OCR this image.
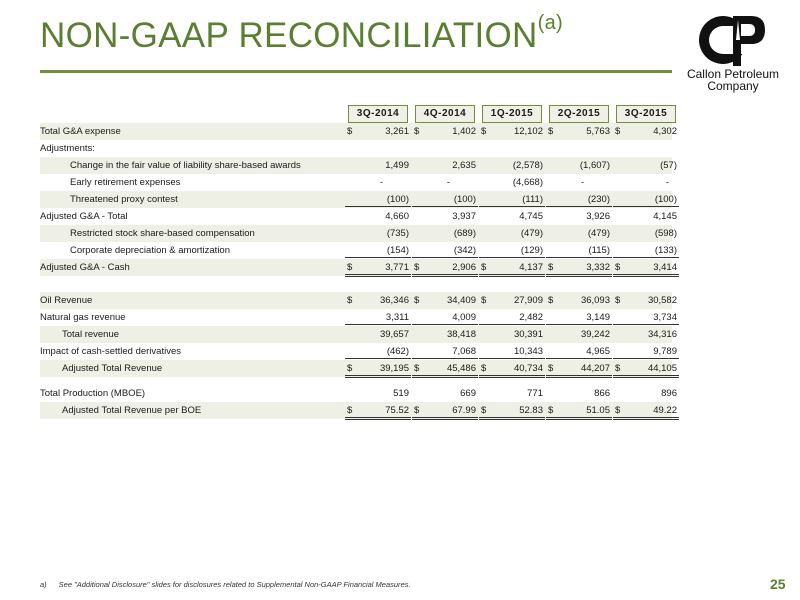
NON-GAAP RECONCILIATION$^{(a)}$
Callon Petroleum
Company
3Q-2014	4Q-2014	1Q-2015	2Q-2015	3Q-2015
Total G&A expense	$	3,261 $	1,402 $	12,102 $	5,763 $	4,302
Adjustments:
Change in the fair value of liability share-based awards	1,499	2,635	(2,578)	(1,607)	(57)
Early retirement expenses	-	-	(4,668)	-	-
Threatened proxy contest	(100)	(100)	(111)	(230)	(100)
Adjusted G&A - Total	4,660	3,937	4,745	3,926	4,145
Restricted stock share-based compensation	(735)	(689)	(479)	(479)	(598)
Corporate depreciation & amortization	(154)	(342)	(129)	(115)	(133)
Adjusted G&A - Cash	$	3,771 $	2,906 $	4,137 $	3,332 $	3,414
Oil Revenue	$	36,346 $	34,409 $	27,909 $	36,093 $	30,582
Natural gas revenue	3,311	4,009	2,482	3,149	3,734
Total revenue	39,657	38,418	30,391	39,242	34,316
Impact of cash-settled derivatives	(462)	7,068	10,343	4,965	9,789
Adjusted Total Revenue	$	39,195 $	45,486 $	40,734 $	44,207 $	44,105
Total Production (MBOE)	519	669	771	866	896
Adjusted Total Revenue per BOE	$	75.52 $	67.99 $	52.83 $	51.05 $	49.22
a) See "Additional Disclosure" slides for disclosures related to Supplemental Non-GAAP Financial Measures.	25
